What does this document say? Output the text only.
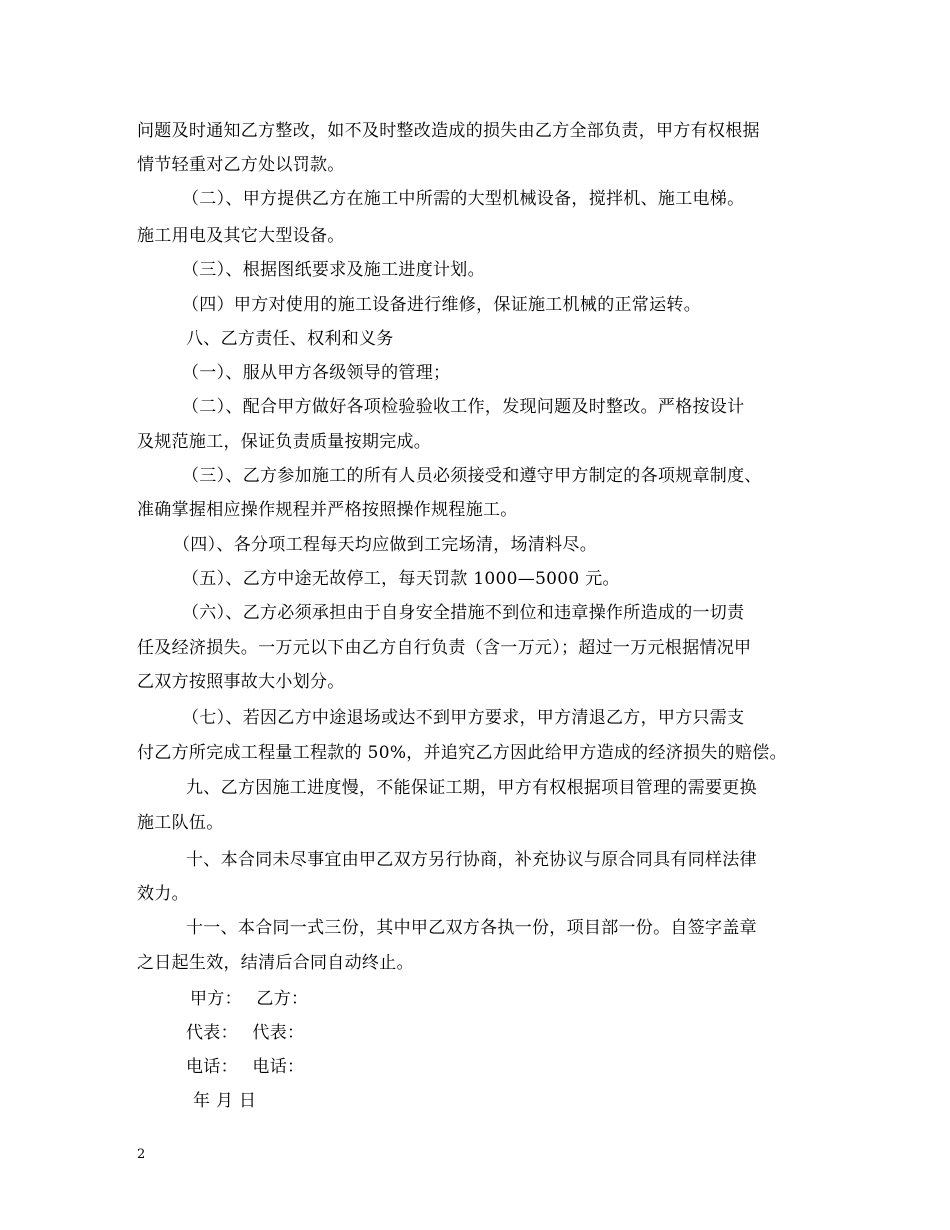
问题及时通知乙方整改，如不及时整改造成的损失由乙方全部负责，甲方有权根据
情节轻重对乙方处以罚款。
（二）、甲方提供乙方在施工中所需的大型机械设备，搅拌机、施工电梯。
施工用电及其它大型设备。
（三）、根据图纸要求及施工进度计划。
（四）甲方对使用的施工设备进行维修，保证施工机械的正常运转。
八、乙方责任、权利和义务
（一）、服从甲方各级领导的管理；
（二）、配合甲方做好各项检验验收工作，发现问题及时整改。严格按设计
及规范施工，保证负责质量按期完成。
（三）、乙方参加施工的所有人员必须接受和遵守甲方制定的各项规章制度、
准确掌握相应操作规程并严格按照操作规程施工。
（四）、各分项工程每天均应做到工完场清，场清料尽。
（五）、乙方中途无故停工，每天罚款 1000—5000 元。
（六）、乙方必须承担由于自身安全措施不到位和违章操作所造成的一切责
任及经济损失。一万元以下由乙方自行负责（含一万元）；超过一万元根据情况甲
乙双方按照事故大小划分。
（七）、若因乙方中途退场或达不到甲方要求，甲方清退乙方，甲方只需支
付乙方所完成工程量工程款的 50%，并追究乙方因此给甲方造成的经济损失的赔偿。
九、乙方因施工进度慢，不能保证工期，甲方有权根据项目管理的需要更换
施工队伍。
十、本合同未尽事宜由甲乙双方另行协商，补充协议与原合同具有同样法律
效力。
十一、本合同一式三份，其中甲乙双方各执一份，项目部一份。自签字盖章
之日起生效，结清后合同自动终止。
甲方：　 乙方：
代表：　 代表：
电话：　 电话：
年 月 日
2
